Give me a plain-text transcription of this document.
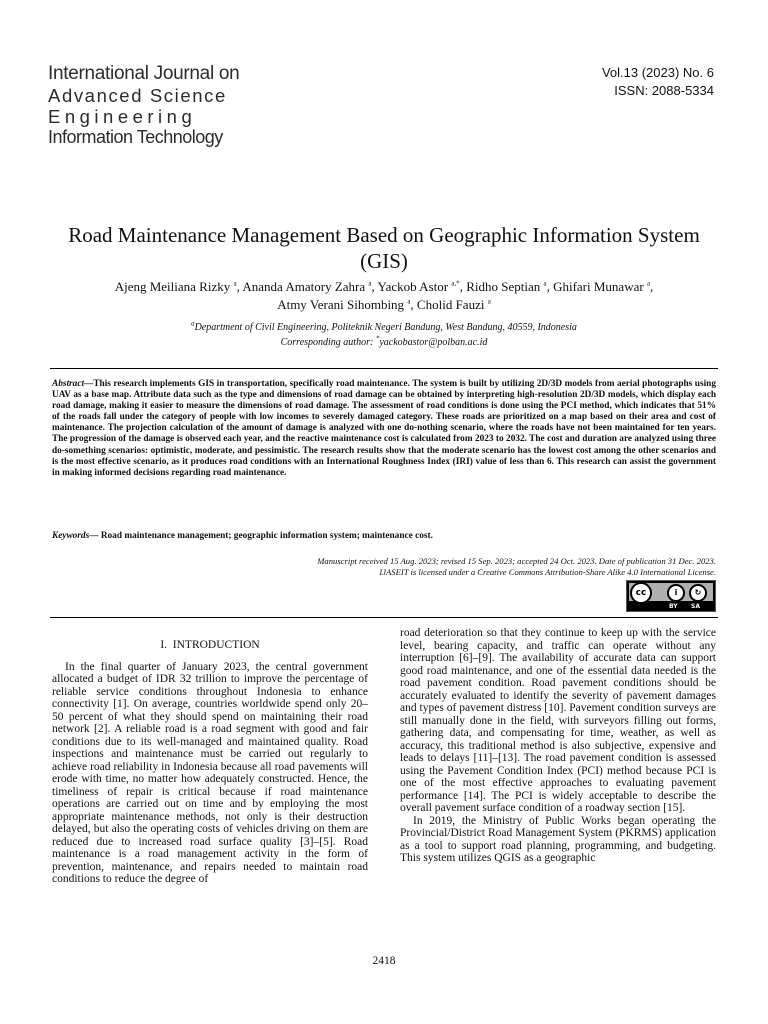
International Journal on
Advanced Science
Engineering
Information Technology
Vol.13 (2023) No. 6
ISSN: 2088-5334
Road Maintenance Management Based on Geographic Information System (GIS)
Ajeng Meiliana Rizky $^a$, Ananda Amatory Zahra $^a$, Yackob Astor $^{a,*}$, Ridho Septian $^a$, Ghifari Munawar $^a$,
Atmy Verani Sihombing $^a$, Cholid Fauzi $^a$
$^a$Department of Civil Engineering, Politeknik Negeri Bandung, West Bandung, 40559, Indonesia
Corresponding author: *yackobastor@polban.ac.id
Abstract—This research implements GIS in transportation, specifically road maintenance. The system is built by utilizing 2D/3D models from aerial photographs using UAV as a base map. Attribute data such as the type and dimensions of road damage can be obtained by interpreting high-resolution 2D/3D models, which display each road damage, making it easier to measure the dimensions of road damage. The assessment of road conditions is done using the PCI method, which indicates that 51% of the roads fall under the category of people with low incomes to severely damaged category. These roads are prioritized on a map based on their area and cost of maintenance. The projection calculation of the amount of damage is analyzed with one do-nothing scenario, where the roads have not been maintained for ten years. The progression of the damage is observed each year, and the reactive maintenance cost is calculated from 2023 to 2032. The cost and duration are analyzed using three do-something scenarios: optimistic, moderate, and pessimistic. The research results show that the moderate scenario has the lowest cost among the other scenarios and is the most effective scenario, as it produces road conditions with an International Roughness Index (IRI) value of less than 6. This research can assist the government in making informed decisions regarding road maintenance.
Keywords— Road maintenance management; geographic information system; maintenance cost.
Manuscript received 15 Aug. 2023; revised 15 Sep. 2023; accepted 24 Oct. 2023. Date of publication 31 Dec. 2023.
IJASEIT is licensed under a Creative Commons Attribution-Share Alike 4.0 International License.
cc	i	↻
BY SA
I. INTRODUCTION

In the final quarter of January 2023, the central government allocated a budget of IDR 32 trillion to improve the percentage of reliable service conditions throughout Indonesia to enhance connectivity [1]. On average, countries worldwide spend only 20–50 percent of what they should spend on maintaining their road network [2]. A reliable road is a road segment with good and fair conditions due to its well-managed and maintained quality. Road inspections and maintenance must be carried out regularly to achieve road reliability in Indonesia because all road pavements will erode with time, no matter how adequately constructed. Hence, the timeliness of repair is critical because if road maintenance operations are carried out on time and by employing the most appropriate maintenance methods, not only is their destruction delayed, but also the operating costs of vehicles driving on them are reduced due to increased road surface quality [3]–[5]. Road maintenance is a road management activity in the form of prevention, maintenance, and repairs needed to maintain road conditions to reduce the degree of

road deterioration so that they continue to keep up with the service level, bearing capacity, and traffic can operate without any interruption [6]–[9]. The availability of accurate data can support good road maintenance, and one of the essential data needed is the road pavement condition. Road pavement conditions should be accurately evaluated to identify the severity of pavement damages and types of pavement distress [10]. Pavement condition surveys are still manually done in the field, with surveyors filling out forms, gathering data, and compensating for time, weather, as well as accuracy, this traditional method is also subjective, expensive and leads to delays [11]–[13]. The road pavement condition is assessed using the Pavement Condition Index (PCI) method because PCI is one of the most effective approaches to evaluating pavement performance [14]. The PCI is widely acceptable to describe the overall pavement surface condition of a roadway section [15].

In 2019, the Ministry of Public Works began operating the Provincial/District Road Management System (PKRMS) application as a tool to support road planning, programming, and budgeting. This system utilizes QGIS as a geographic

2418
